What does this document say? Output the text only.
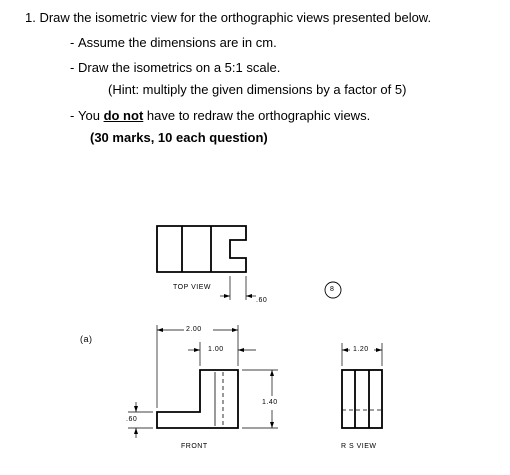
1. Draw the isometric view for the orthographic views presented below.
- Assume the dimensions are in cm.
- Draw the isometrics on a 5:1 scale.
(Hint: multiply the given dimensions by a factor of 5)
- You do not have to redraw the orthographic views.
(30 marks, 10 each question)
(a)
8
TOP VIEW
FRONT	R S VIEW
.60
2.00
1.00
1.40
1.20
.60
